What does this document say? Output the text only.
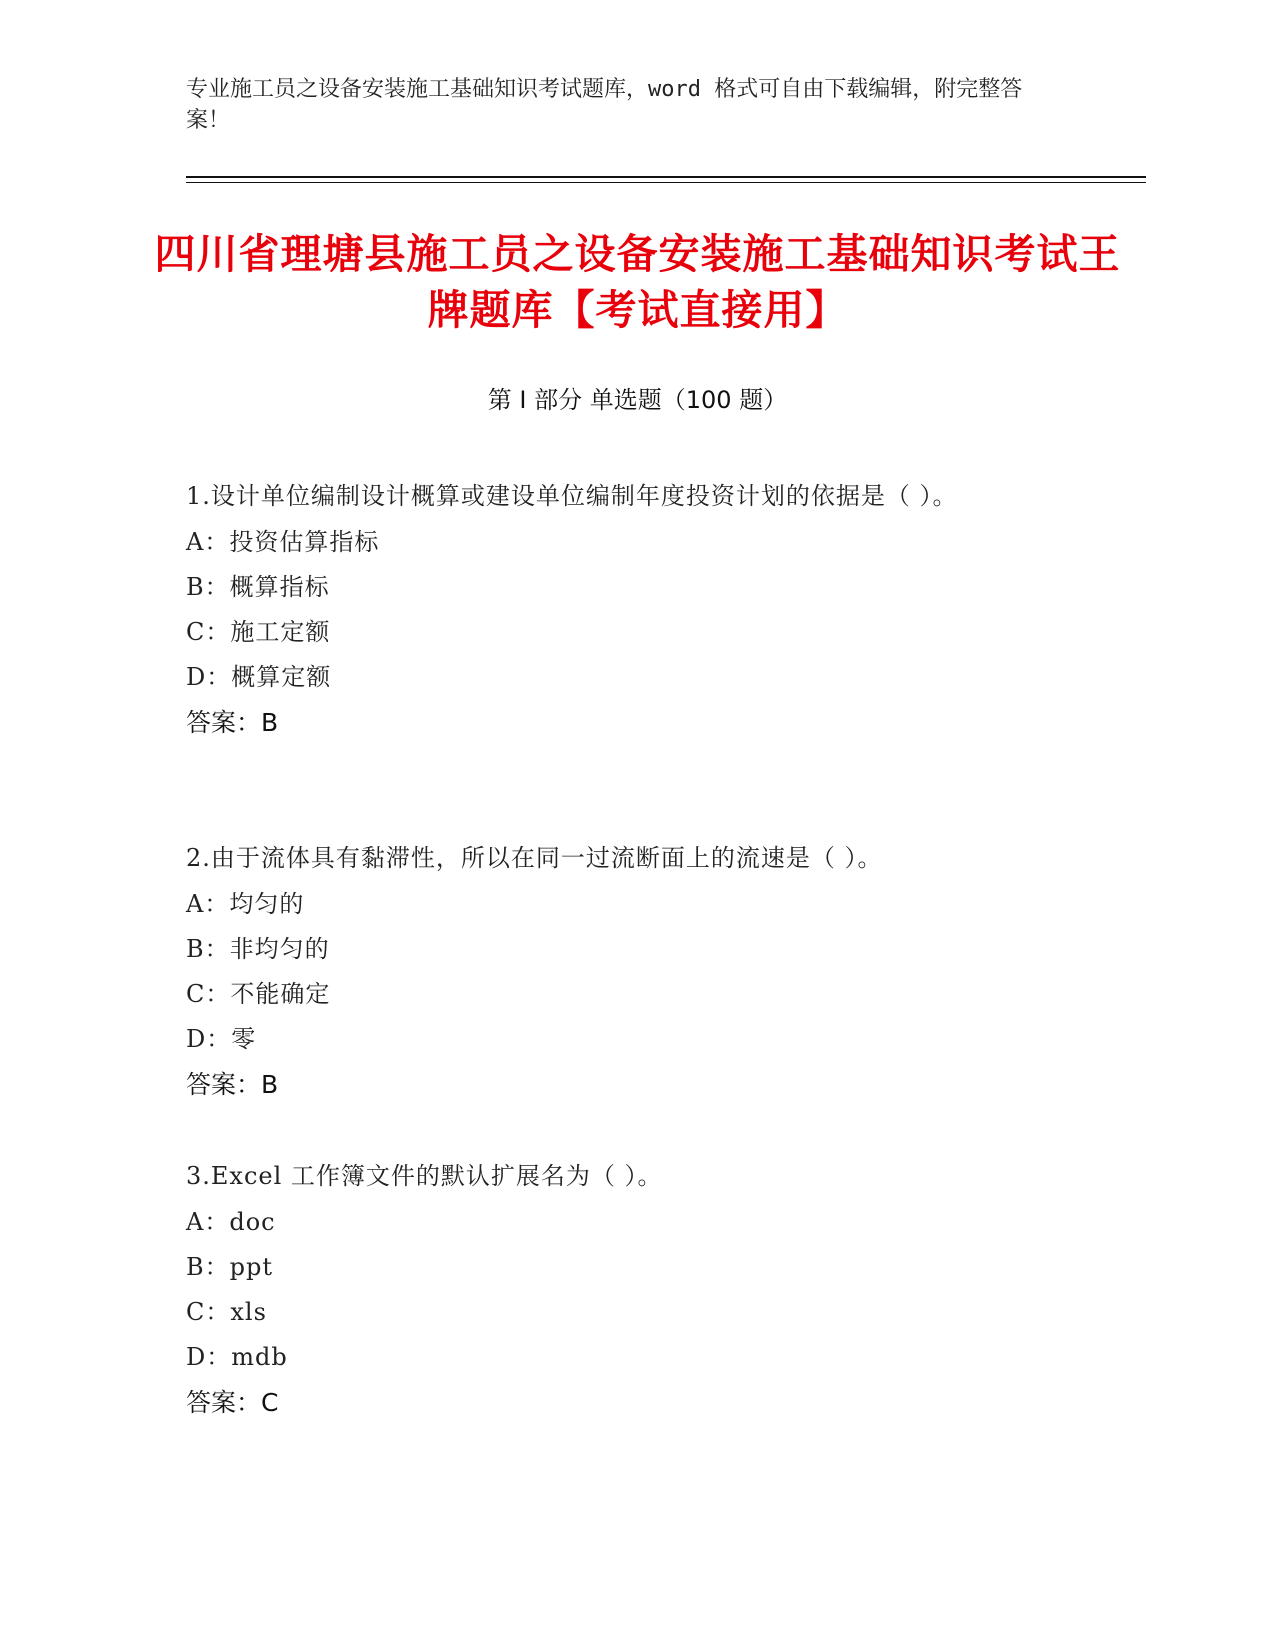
专业施工员之设备安装施工基础知识考试题库，word 格式可自由下载编辑，附完整答案！
四川省理塘县施工员之设备安装施工基础知识考试王牌题库【考试直接用】
第 I 部分 单选题（100 题）
1.设计单位编制设计概算或建设单位编制年度投资计划的依据是（ ）。
A：投资估算指标
B：概算指标
C：施工定额
D：概算定额
答案：B
2.由于流体具有黏滞性，所以在同一过流断面上的流速是（ ）。
A：均匀的
B：非均匀的
C：不能确定
D：零
答案：B
3.Excel 工作簿文件的默认扩展名为（ ）。
A：doc
B：ppt
C：xls
D：mdb
答案：C
